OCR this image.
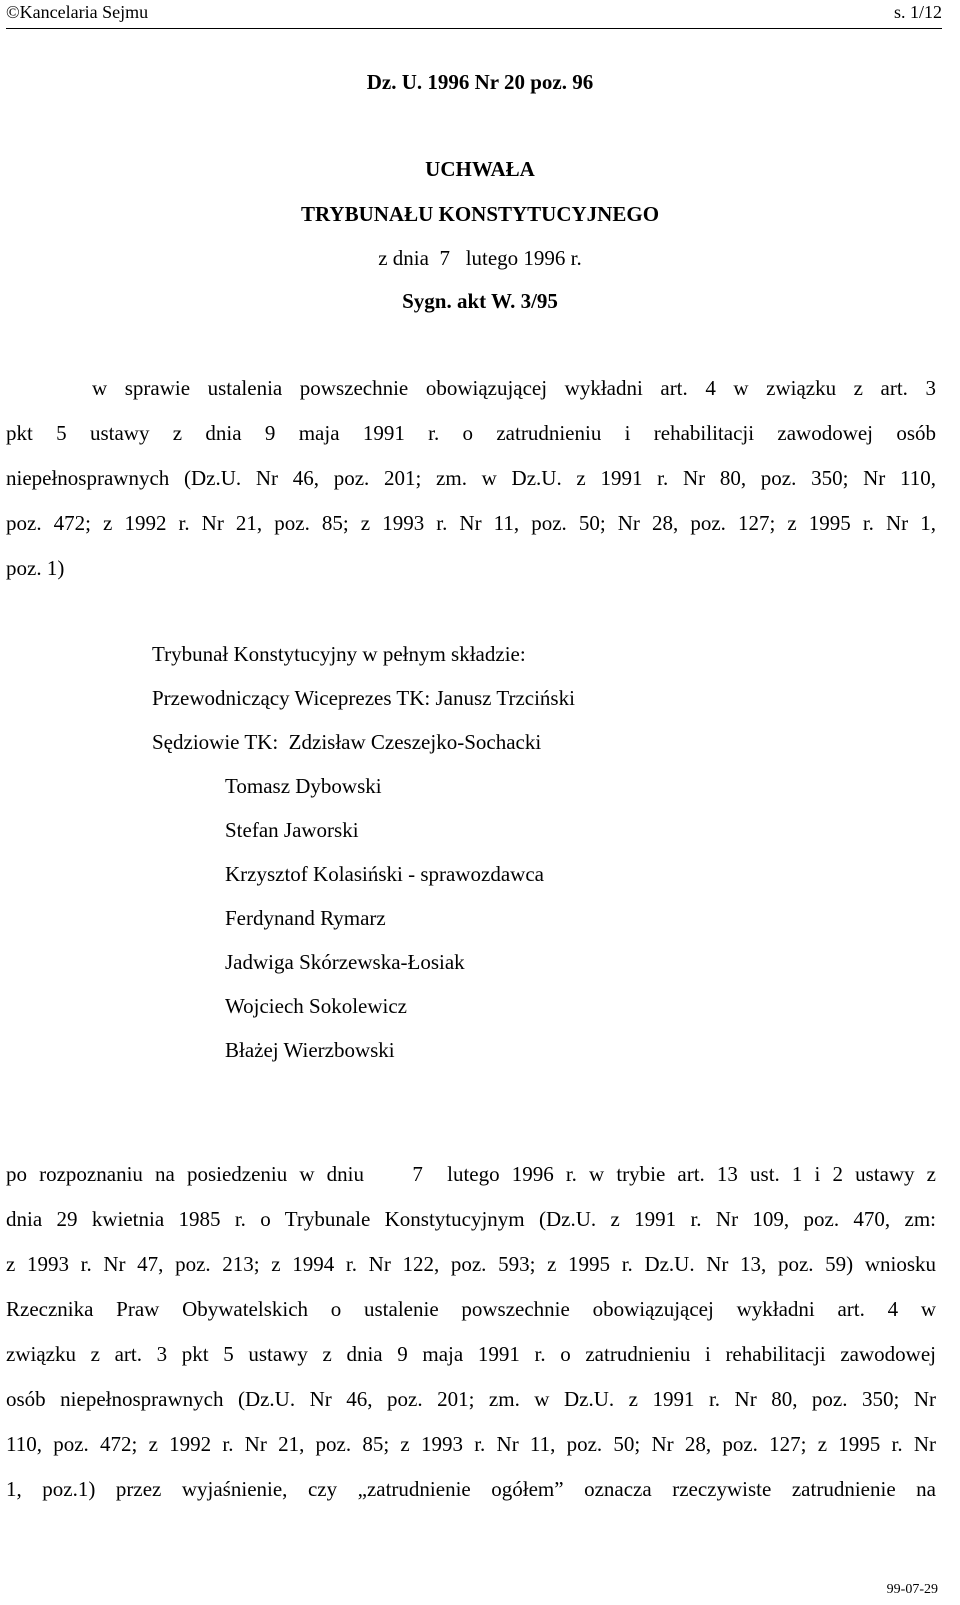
©Kancelaria Sejmu	s. 1/12
Dz. U. 1996 Nr 20 poz. 96
UCHWAŁA
TRYBUNAŁU KONSTYTUCYJNEGO
z dnia  7   lutego 1996 r.
Sygn. akt W. 3/95
w sprawie ustalenia powszechnie obowiązującej wykładni art. 4 w związku z art. 3
pkt 5 ustawy z dnia 9 maja 1991 r. o zatrudnieniu i rehabilitacji zawodowej osób
niepełnosprawnych (Dz.U. Nr 46, poz. 201; zm. w Dz.U. z 1991 r. Nr 80, poz. 350; Nr 110,
poz. 472; z 1992 r. Nr 21, poz. 85; z 1993 r. Nr 11, poz. 50; Nr 28, poz. 127; z 1995 r. Nr 1,
poz. 1)
Trybunał Konstytucyjny w pełnym składzie:
Przewodniczący Wiceprezes TK: Janusz Trzciński
Sędziowie TK:  Zdzisław Czeszejko-Sochacki
Tomasz Dybowski
Stefan Jaworski
Krzysztof Kolasiński - sprawozdawca
Ferdynand Rymarz
Jadwiga Skórzewska-Łosiak
Wojciech Sokolewicz
Błażej Wierzbowski
po rozpoznaniu na posiedzeniu w dniu    7  lutego 1996 r. w trybie art. 13 ust. 1 i 2 ustawy z
dnia 29 kwietnia 1985 r. o Trybunale Konstytucyjnym (Dz.U. z 1991 r. Nr 109, poz. 470, zm:
z 1993 r. Nr 47, poz. 213; z 1994 r. Nr 122, poz. 593; z 1995 r. Dz.U. Nr 13, poz. 59) wniosku
Rzecznika Praw Obywatelskich o ustalenie powszechnie obowiązującej wykładni art. 4 w
związku z art. 3 pkt 5 ustawy z dnia 9 maja 1991 r. o zatrudnieniu i rehabilitacji zawodowej
osób niepełnosprawnych (Dz.U. Nr 46, poz. 201; zm. w Dz.U. z 1991 r. Nr 80, poz. 350; Nr
110, poz. 472; z 1992 r. Nr 21, poz. 85; z 1993 r. Nr 11, poz. 50; Nr 28, poz. 127; z 1995 r. Nr
1, poz.1) przez wyjaśnienie, czy „zatrudnienie ogółem” oznacza rzeczywiste zatrudnienie na
99-07-29
